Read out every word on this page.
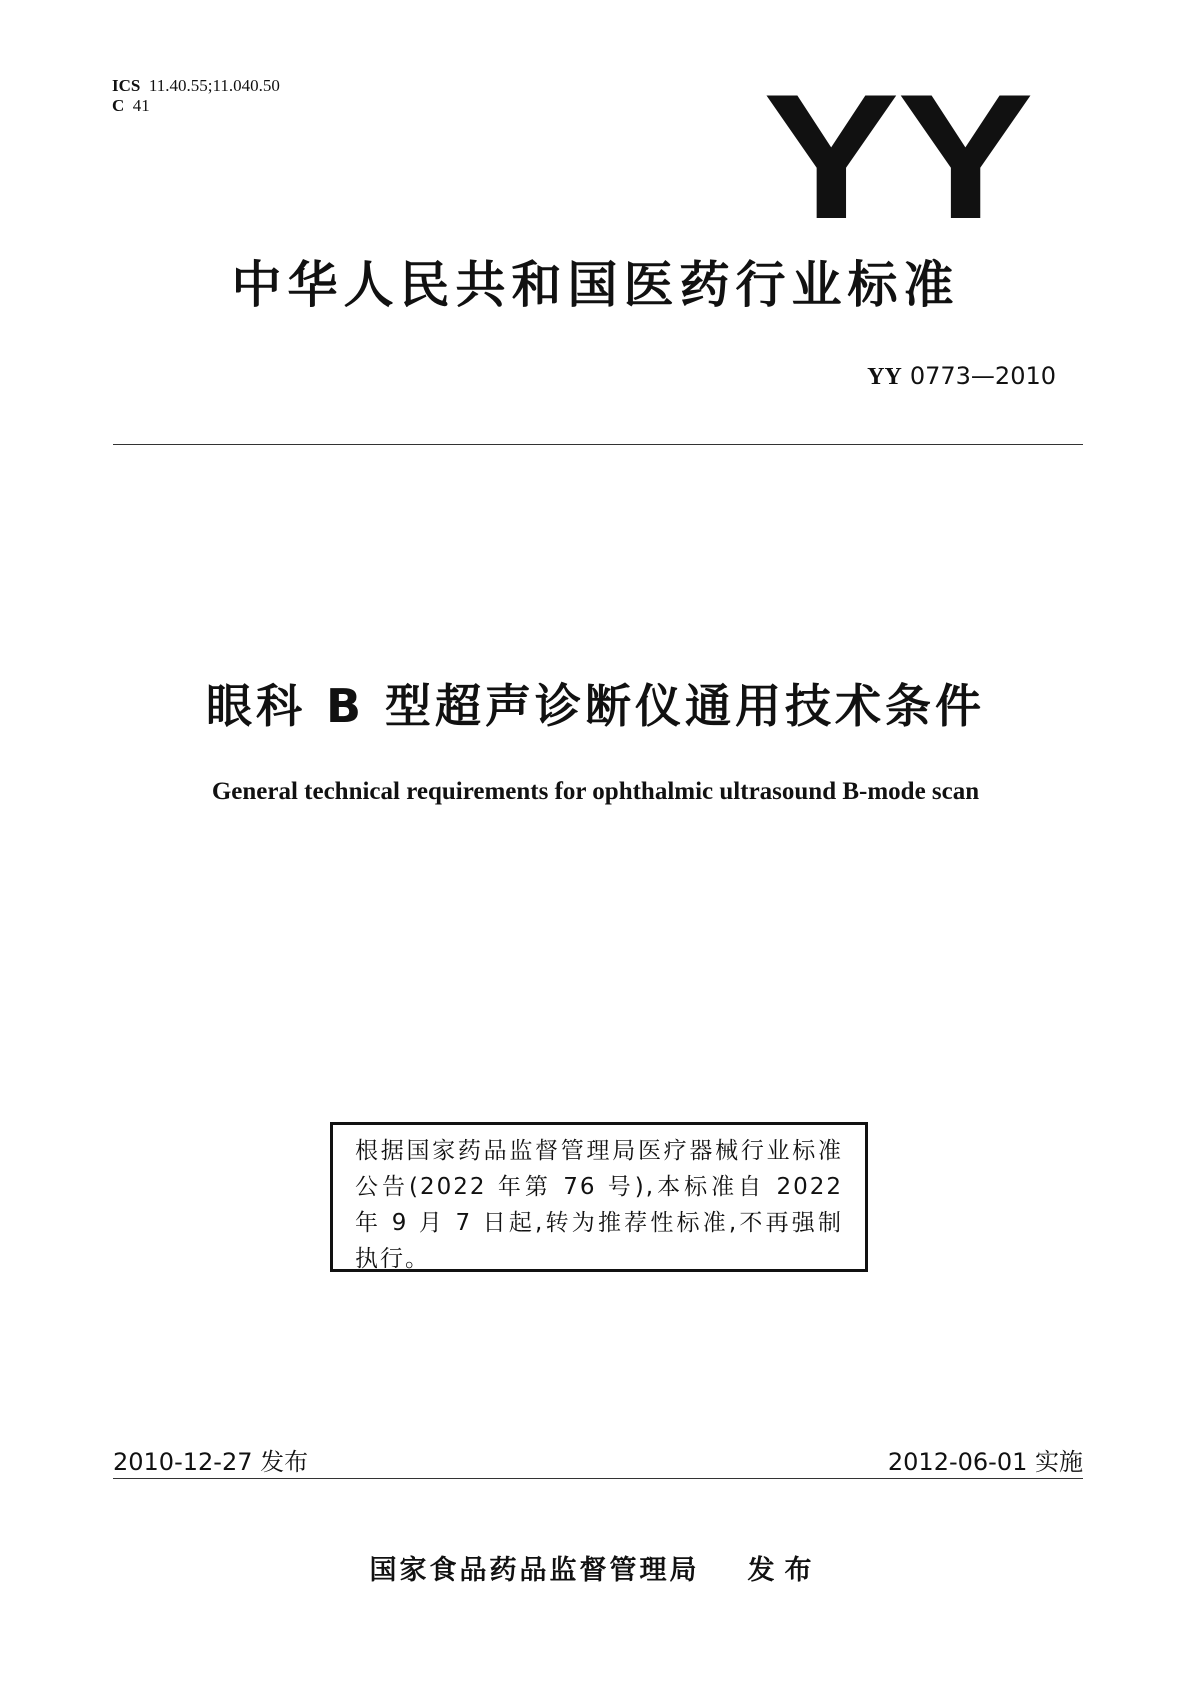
ICS 11.40.55;11.040.50
C 41	YY
中华人民共和国医药行业标准
YY 0773—2010
眼科 B 型超声诊断仪通用技术条件
General technical requirements for ophthalmic ultrasound B-mode scan
根据国家药品监督管理局医疗器械行业标准公告(2022 年第 76 号),本标准自 2022 年 9 月 7 日起,转为推荐性标准,不再强制执行。
2010-12-27 发布	2012-06-01 实施
国家食品药品监督管理局 发布
